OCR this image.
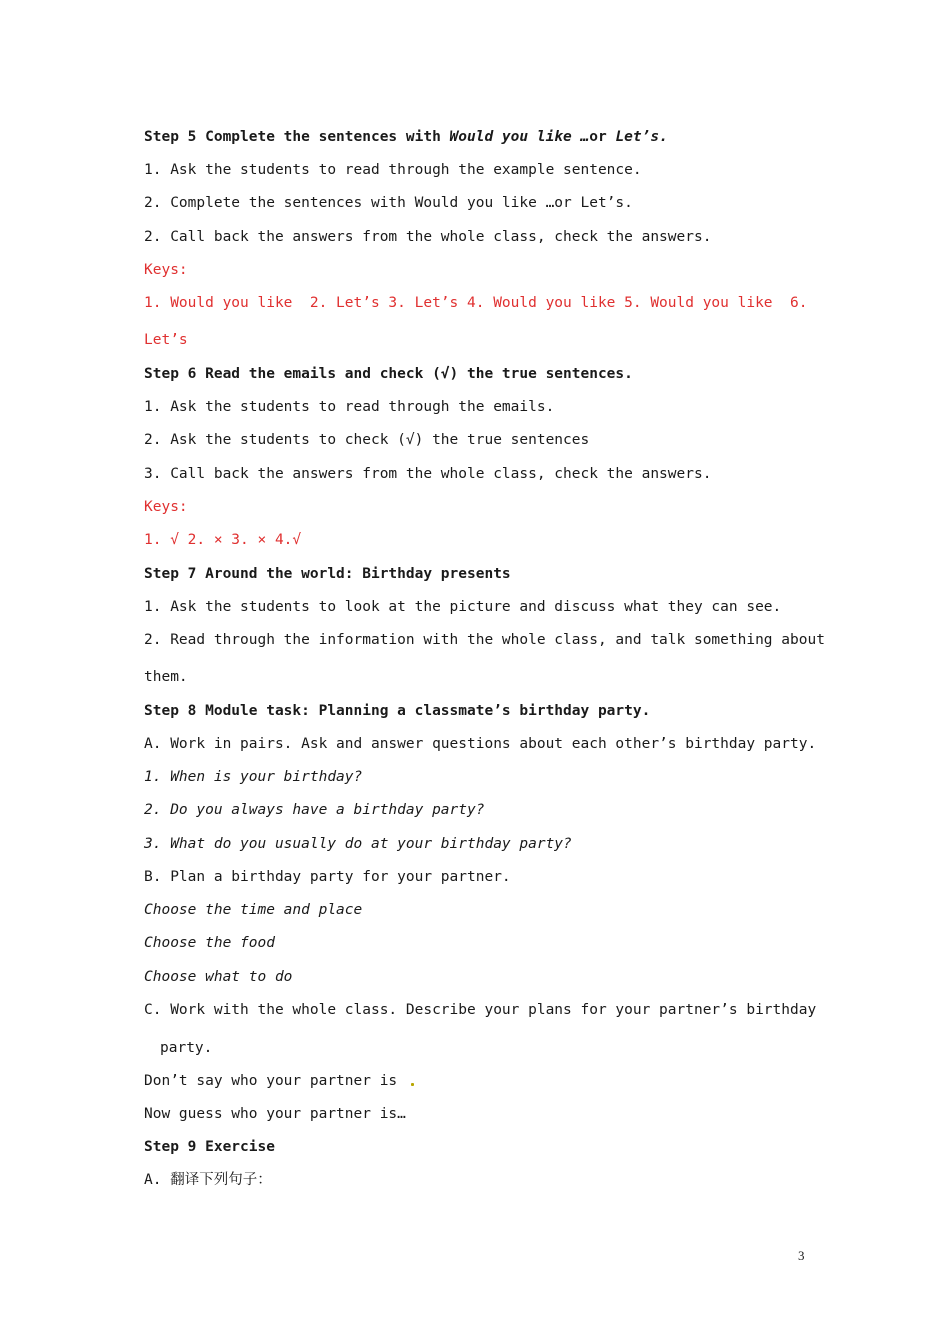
Step 5 Complete the sentences with Would you like …or Let’s.
1. Ask the students to read through the example sentence.
2. Complete the sentences with Would you like …or Let’s.
2. Call back the answers from the whole class, check the answers.
Keys:
1. Would you like  2. Let’s 3. Let’s 4. Would you like 5. Would you like  6.
Let’s
Step 6 Read the emails and check (√) the true sentences.
1. Ask the students to read through the emails.
2. Ask the students to check (√) the true sentences
3. Call back the answers from the whole class, check the answers.
Keys:
1. √ 2. × 3. × 4.√
Step 7 Around the world: Birthday presents
1. Ask the students to look at the picture and discuss what they can see.
2. Read through the information with the whole class, and talk something about
them.
Step 8 Module task: Planning a classmate’s birthday party.
A. Work in pairs. Ask and answer questions about each other’s birthday party.
1. When is your birthday?
2. Do you always have a birthday party?
3. What do you usually do at your birthday party?
B. Plan a birthday party for your partner.
Choose the time and place
Choose the food
Choose what to do
C. Work with the whole class. Describe your plans for your partner’s birthday
party.
Don’t say who your partner is
Now guess who your partner is…
Step 9 Exercise
A. 翻译下列句子：
3
